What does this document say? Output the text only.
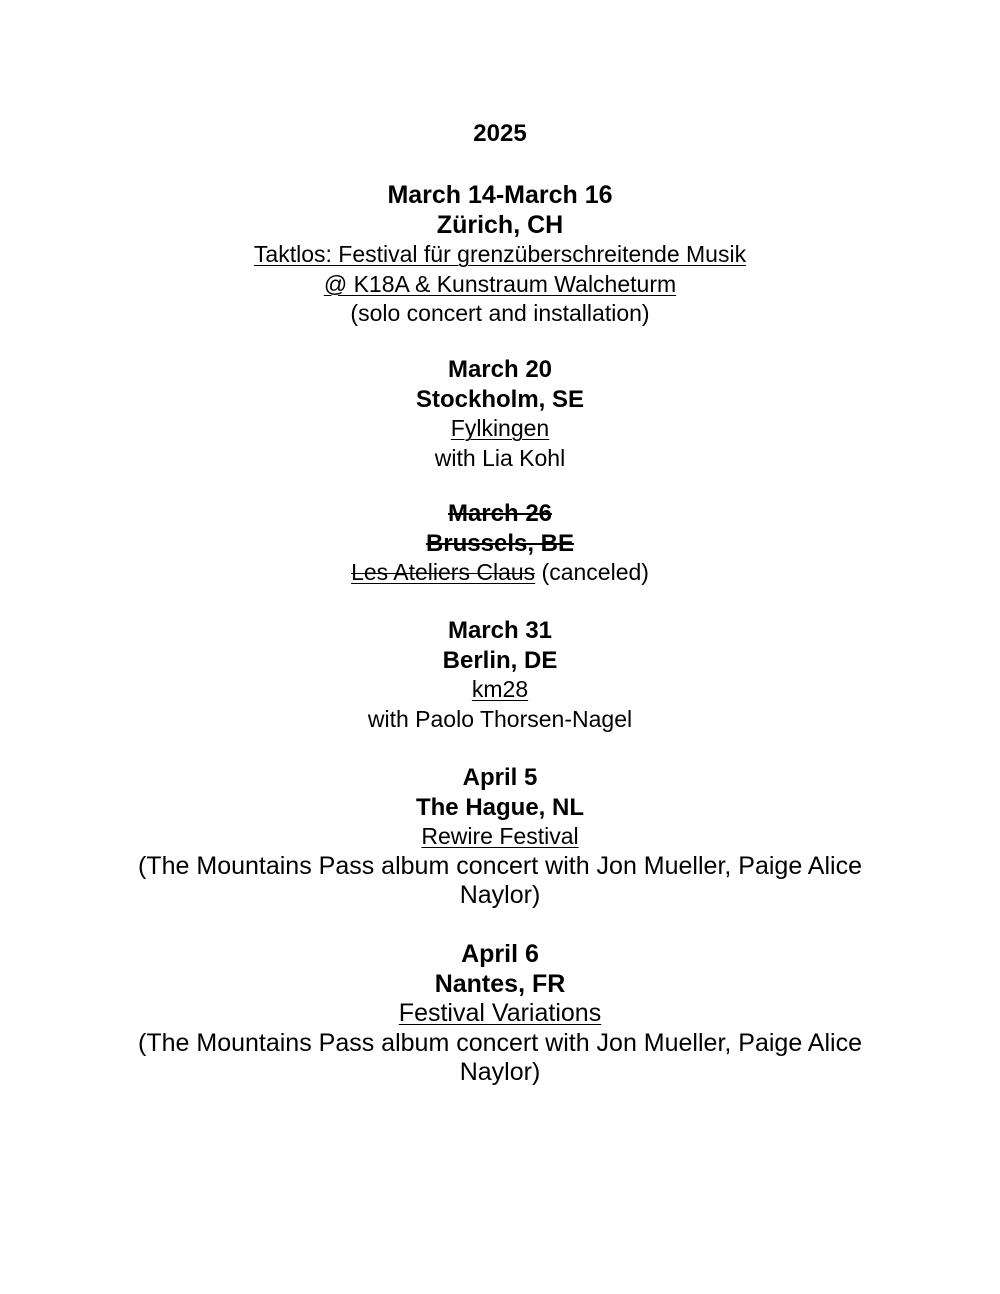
2025
March 14-March 16
Zürich, CH
Taktlos: Festival für grenzüberschreitende Musik
@ K18A & Kunstraum Walcheturm
(solo concert and installation)
March 20
Stockholm, SE
Fylkingen
with Lia Kohl
March 26
Brussels, BE
Les Ateliers Claus (canceled)
March 31
Berlin, DE
km28
with Paolo Thorsen-Nagel
April 5
The Hague, NL
Rewire Festival
(The Mountains Pass album concert with Jon Mueller, Paige Alice Naylor)
April 6
Nantes, FR
Festival Variations
(The Mountains Pass album concert with Jon Mueller, Paige Alice Naylor)
